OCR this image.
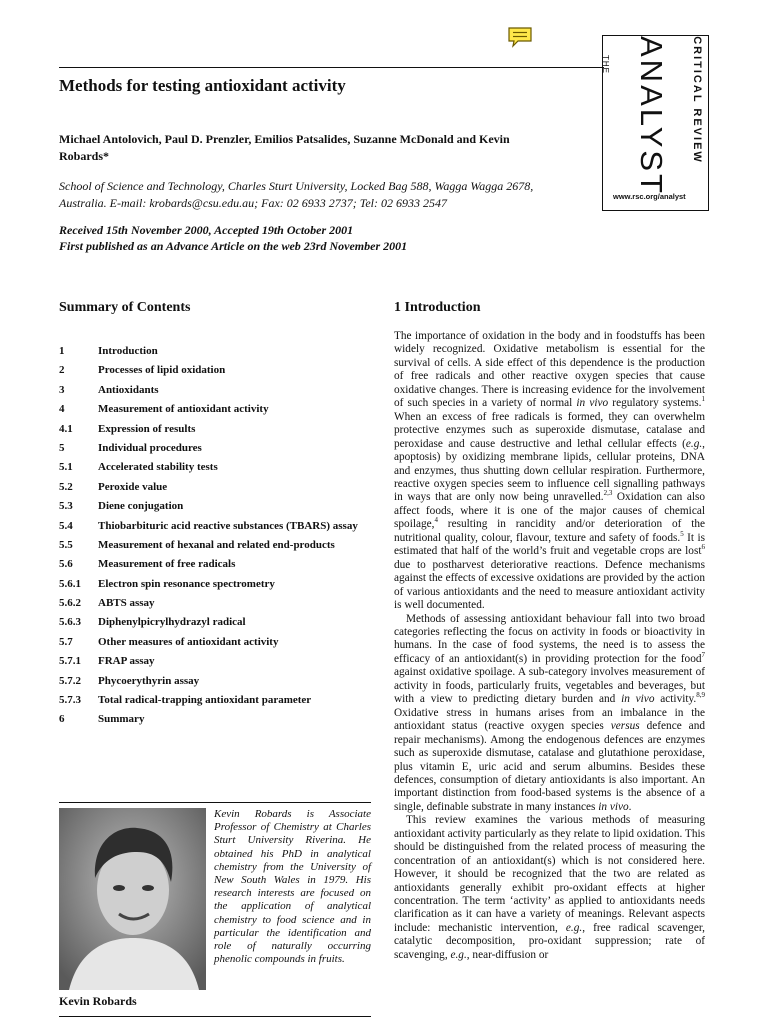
Methods for testing antioxidant activity
Michael Antolovich, Paul D. Prenzler, Emilios Patsalides, Suzanne McDonald and Kevin Robards*
School of Science and Technology, Charles Sturt University, Locked Bag 588, Wagga Wagga 2678, Australia. E-mail: krobards@csu.edu.au; Fax: 02 6933 2737; Tel: 02 6933 2547
Received 15th November 2000, Accepted 19th October 2001
First published as an Advance Article on the web 23rd November 2001
THE ANALYST CRITICAL REVIEW
www.rsc.org/analyst
Summary of Contents
1	Introduction
2	Processes of lipid oxidation
3	Antioxidants
4	Measurement of antioxidant activity
4.1	Expression of results
5	Individual procedures
5.1	Accelerated stability tests
5.2	Peroxide value
5.3	Diene conjugation
5.4	Thiobarbituric acid reactive substances (TBARS) assay
5.5	Measurement of hexanal and related end-products
5.6	Measurement of free radicals
5.6.1	Electron spin resonance spectrometry
5.6.2	ABTS assay
5.6.3	Diphenylpicrylhydrazyl radical
5.7	Other measures of antioxidant activity
5.7.1	FRAP assay
5.7.2	Phycoerythyrin assay
5.7.3	Total radical-trapping antioxidant parameter
6	Summary
Kevin Robards is Associate Professor of Chemistry at Charles Sturt University Riverina. He obtained his PhD in analytical chemistry from the University of New South Wales in 1979. His research interests are focused on the application of analytical chemistry to food science and in particular the identification and role of naturally occurring phenolic compounds in fruits.
Kevin Robards
1 Introduction

The importance of oxidation in the body and in foodstuffs has been widely recognized. Oxidative metabolism is essential for the survival of cells. A side effect of this dependence is the production of free radicals and other reactive oxygen species that cause oxidative changes. There is increasing evidence for the involvement of such species in a variety of normal in vivo regulatory systems.$^1$ When an excess of free radicals is formed, they can overwhelm protective enzymes such as superoxide dismutase, catalase and peroxidase and cause destructive and lethal cellular effects (e.g., apoptosis) by oxidizing membrane lipids, cellular proteins, DNA and enzymes, thus shutting down cellular respiration. Furthermore, reactive oxygen species seem to influence cell signalling pathways in ways that are only now being unravelled.$^{2,3}$ Oxidation can also affect foods, where it is one of the major causes of chemical spoilage,$^4$ resulting in rancidity and/or deterioration of the nutritional quality, colour, flavour, texture and safety of foods.$^5$ It is estimated that half of the world’s fruit and vegetable crops are lost$^6$ due to postharvest deteriorative reactions. Defence mechanisms against the effects of excessive oxidations are provided by the action of various antioxidants and the need to measure antioxidant activity is well documented.

Methods of assessing antioxidant behaviour fall into two broad categories reflecting the focus on activity in foods or bioactivity in humans. In the case of food systems, the need is to assess the efficacy of an antioxidant(s) in providing protection for the food$^7$ against oxidative spoilage. A sub-category involves measurement of activity in foods, particularly fruits, vegetables and beverages, but with a view to predicting dietary burden and in vivo activity.$^{8,9}$ Oxidative stress in humans arises from an imbalance in the antioxidant status (reactive oxygen species versus defence and repair mechanisms). Among the endogenous defences are enzymes such as superoxide dismutase, catalase and glutathione peroxidase, plus vitamin E, uric acid and serum albumins. Besides these defences, consumption of dietary antioxidants is also important. An important distinction from food-based systems is the absence of a single, definable substrate in many instances in vivo.

This review examines the various methods of measuring antioxidant activity particularly as they relate to lipid oxidation. This should be distinguished from the related process of measuring the concentration of an antioxidant(s) which is not considered here. However, it should be recognized that the two are related as antioxidants generally exhibit pro-oxidant effects at higher concentration. The term ‘activity’ as applied to antioxidants needs clarification as it can have a variety of meanings. Relevant aspects include: mechanistic intervention, e.g., free radical scavenger, catalytic decomposition, pro-oxidant suppression; rate of scavenging, e.g., near-diffusion or
